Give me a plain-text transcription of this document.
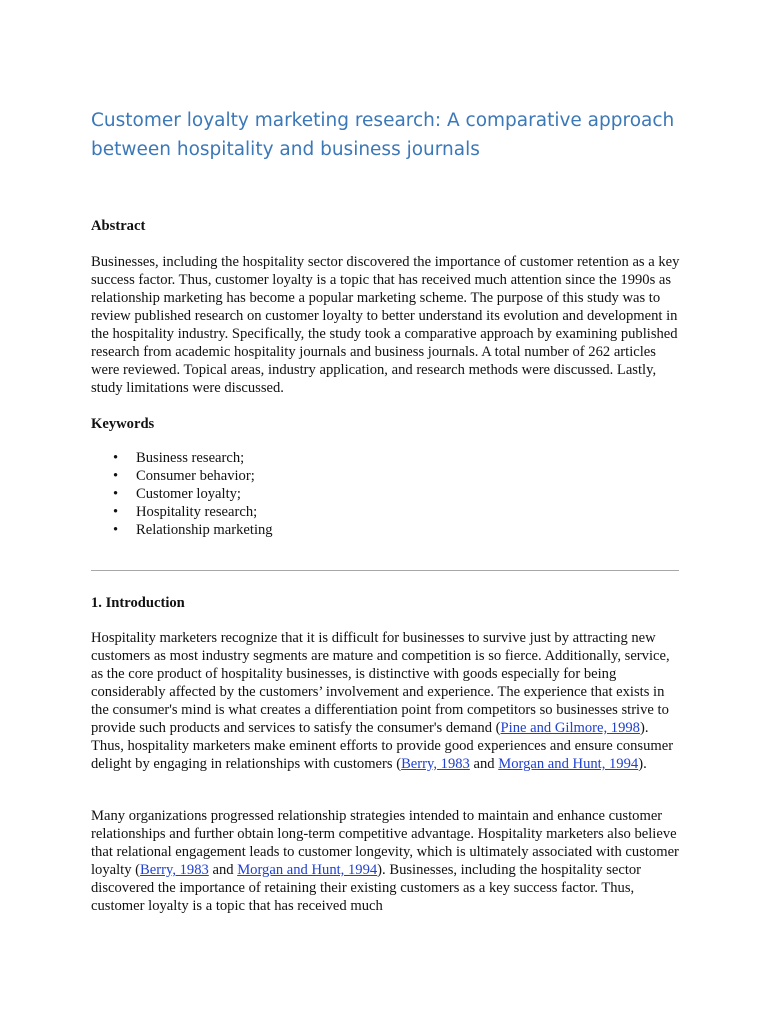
Customer loyalty marketing research: A comparative approach between hospitality and business journals
Abstract

Businesses, including the hospitality sector discovered the importance of customer retention as a key success factor. Thus, customer loyalty is a topic that has received much attention since the 1990s as relationship marketing has become a popular marketing scheme. The purpose of this study was to review published research on customer loyalty to better understand its evolution and development in the hospitality industry. Specifically, the study took a comparative approach by examining published research from academic hospitality journals and business journals. A total number of 262 articles were reviewed. Topical areas, industry application, and research methods were discussed. Lastly, study limitations were discussed.

Keywords
• Business research;
• Consumer behavior;
• Customer loyalty;
• Hospitality research;
• Relationship marketing
1. Introduction

Hospitality marketers recognize that it is difficult for businesses to survive just by attracting new customers as most industry segments are mature and competition is so fierce. Additionally, service, as the core product of hospitality businesses, is distinctive with goods especially for being considerably affected by the customers’ involvement and experience. The experience that exists in the consumer's mind is what creates a differentiation point from competitors so businesses strive to provide such products and services to satisfy the consumer's demand (Pine and Gilmore, 1998). Thus, hospitality marketers make eminent efforts to provide good experiences and ensure consumer delight by engaging in relationships with customers (Berry, 1983 and Morgan and Hunt, 1994).

Many organizations progressed relationship strategies intended to maintain and enhance customer relationships and further obtain long-term competitive advantage. Hospitality marketers also believe that relational engagement leads to customer longevity, which is ultimately associated with customer loyalty (Berry, 1983 and Morgan and Hunt, 1994). Businesses, including the hospitality sector discovered the importance of retaining their existing customers as a key success factor. Thus, customer loyalty is a topic that has received much
